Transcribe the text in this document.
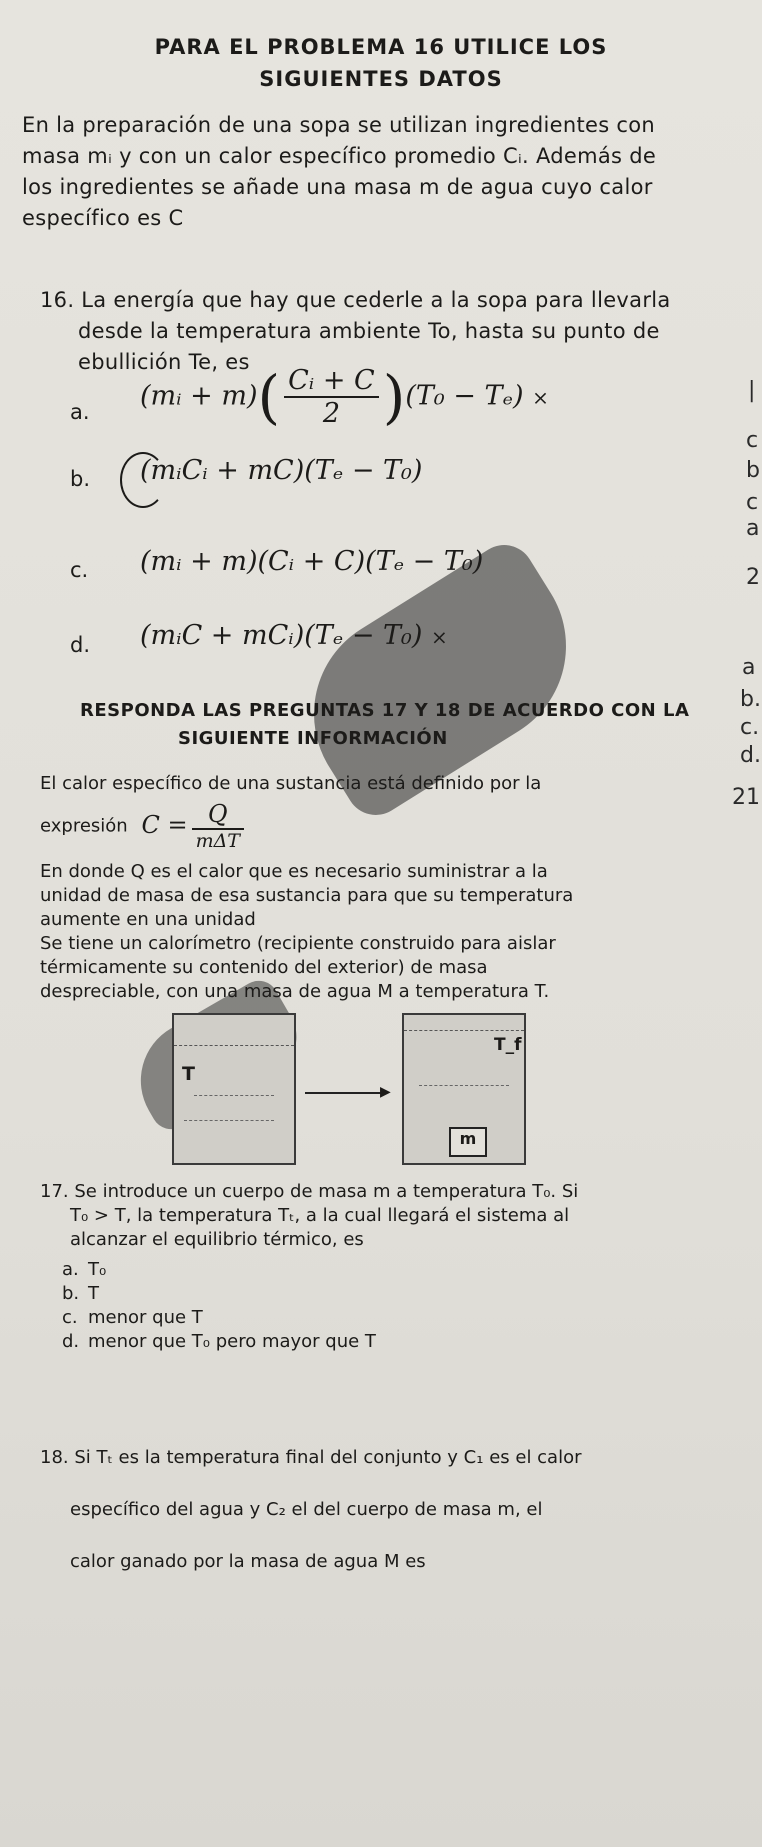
PARA EL PROBLEMA 16 UTILICE LOS
SIGUIENTES DATOS
En la preparación de una sopa se utilizan ingredientes con
masa mᵢ y con un calor específico promedio Cᵢ. Además de
los ingredientes se añade una masa m de agua cuyo calor
específico es C
16. La energía que hay que cederle a la sopa para llevarla
desde la temperatura ambiente To, hasta su punto de
ebullición Te, es
a.
(mᵢ + $m)( \frac{\text{Cᵢ + C}}{2} )(T_0 - T_e)$ ×
b. (mᵢCᵢ + mC)(Tₑ − T₀)
c. (mᵢ + m)(Cᵢ + C)(Tₑ − T₀)
d. (mᵢC + mCᵢ)(Tₑ − T₀) ×
RESPONDA LAS PREGUNTAS 17 Y 18 DE ACUERDO CON LA
SIGUIENTE INFORMACIÓN
El calor específico de una sustancia está definido por la
expresión $C = \frac{Q}{\text{mΔT}}$
En donde Q es el calor que es necesario suministrar a la
unidad de masa de esa sustancia para que su temperatura
aumente en una unidad
Se tiene un calorímetro (recipiente construido para aislar
térmicamente su contenido del exterior) de masa
despreciable, con una masa de agua M a temperatura T.
T
▶
T_f
m
17. Se introduce un cuerpo de masa m a temperatura T₀. Si
T₀ > T, la temperatura Tₜ, a la cual llegará el sistema al
alcanzar el equilibrio térmico, es
a. T₀
b. T
c. menor que T
d. menor que T₀ pero mayor que T
18. Si Tₜ es la temperatura final del conjunto y C₁ es el calor
específico del agua y C₂ el del cuerpo de masa m, el
calor ganado por la masa de agua M es
|
c
b
c
a
2
a
b.
c.
d.
21
